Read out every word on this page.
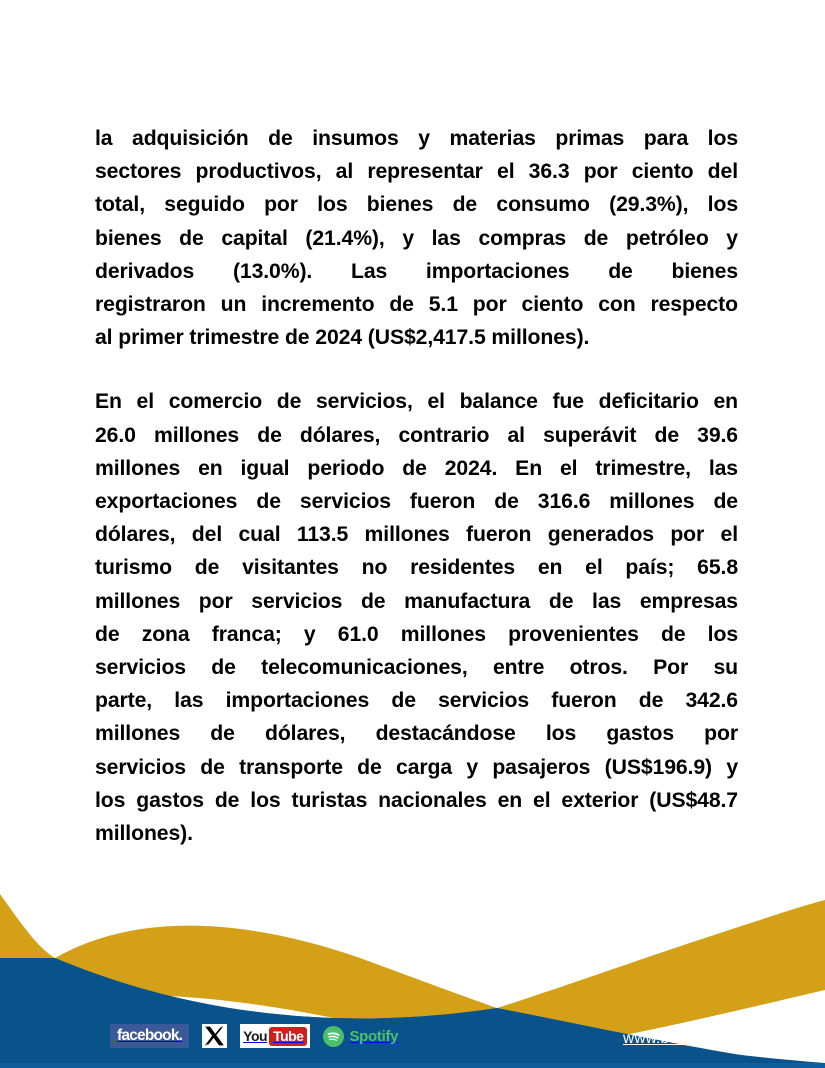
la adquisición de insumos y materias primas para los
sectores productivos, al representar el 36.3 por ciento del
total, seguido por los bienes de consumo (29.3%), los
bienes de capital (21.4%), y las compras de petróleo y
derivados (13.0%). Las importaciones de bienes
registraron un incremento de 5.1 por ciento con respecto
al primer trimestre de 2024 (US$2,417.5 millones).

En el comercio de servicios, el balance fue deficitario en
26.0 millones de dólares, contrario al superávit de 39.6
millones en igual periodo de 2024. En el trimestre, las
exportaciones de servicios fueron de 316.6 millones de
dólares, del cual 113.5 millones fueron generados por el
turismo de visitantes no residentes en el país; 65.8
millones por servicios de manufactura de las empresas
de zona franca; y 61.0 millones provenientes de los
servicios de telecomunicaciones, entre otros. Por su
parte, las importaciones de servicios fueron de 342.6
millones de dólares, destacándose los gastos por
servicios de transporte de carga y pasajeros (US$196.9) y
los gastos de los turistas nacionales en el exterior (US$48.7
millones).

facebook.	You Tube	Spotify	www.bcn.gob.ni
